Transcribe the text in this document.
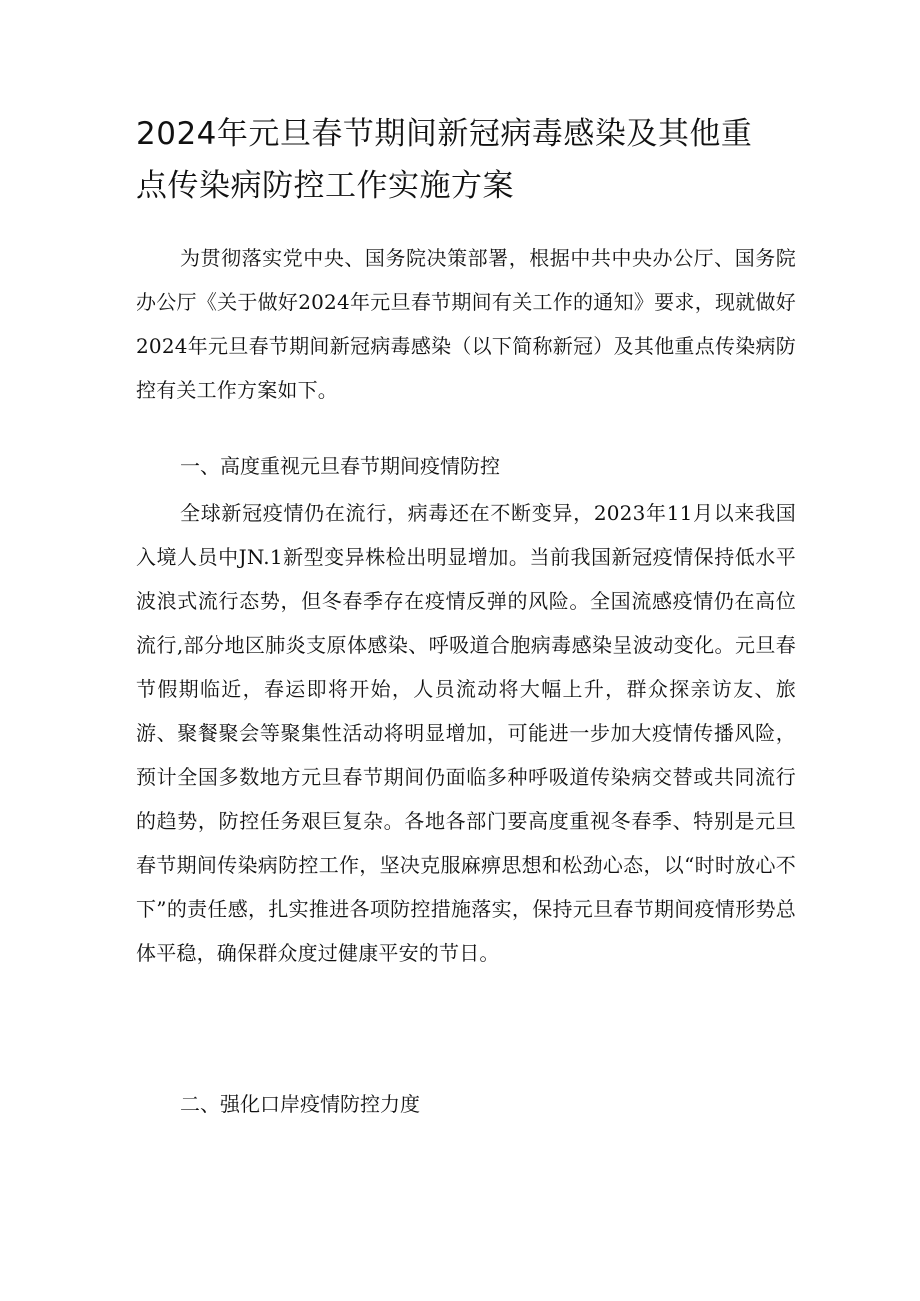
2024年元旦春节期间新冠病毒感染及其他重
点传染病防控工作实施方案

为贯彻落实党中央、国务院决策部署，根据中共中央办公厅、国务院办公厅《关于做好2024年元旦春节期间有关工作的通知》要求，现就做好2024年元旦春节期间新冠病毒感染（以下简称新冠）及其他重点传染病防控有关工作方案如下。

一、高度重视元旦春节期间疫情防控

全球新冠疫情仍在流行，病毒还在不断变异，2023年11月以来我国入境人员中JN.1新型变异株检出明显增加。当前我国新冠疫情保持低水平波浪式流行态势，但冬春季存在疫情反弹的风险。全国流感疫情仍在高位流行,部分地区肺炎支原体感染、呼吸道合胞病毒感染呈波动变化。元旦春节假期临近，春运即将开始，人员流动将大幅上升，群众探亲访友、旅游、聚餐聚会等聚集性活动将明显增加，可能进一步加大疫情传播风险，预计全国多数地方元旦春节期间仍面临多种呼吸道传染病交替或共同流行的趋势，防控任务艰巨复杂。各地各部门要高度重视冬春季、特别是元旦春节期间传染病防控工作，坚决克服麻痹思想和松劲心态，以“时时放心不下”的责任感，扎实推进各项防控措施落实，保持元旦春节期间疫情形势总体平稳，确保群众度过健康平安的节日。

二、强化口岸疫情防控力度
